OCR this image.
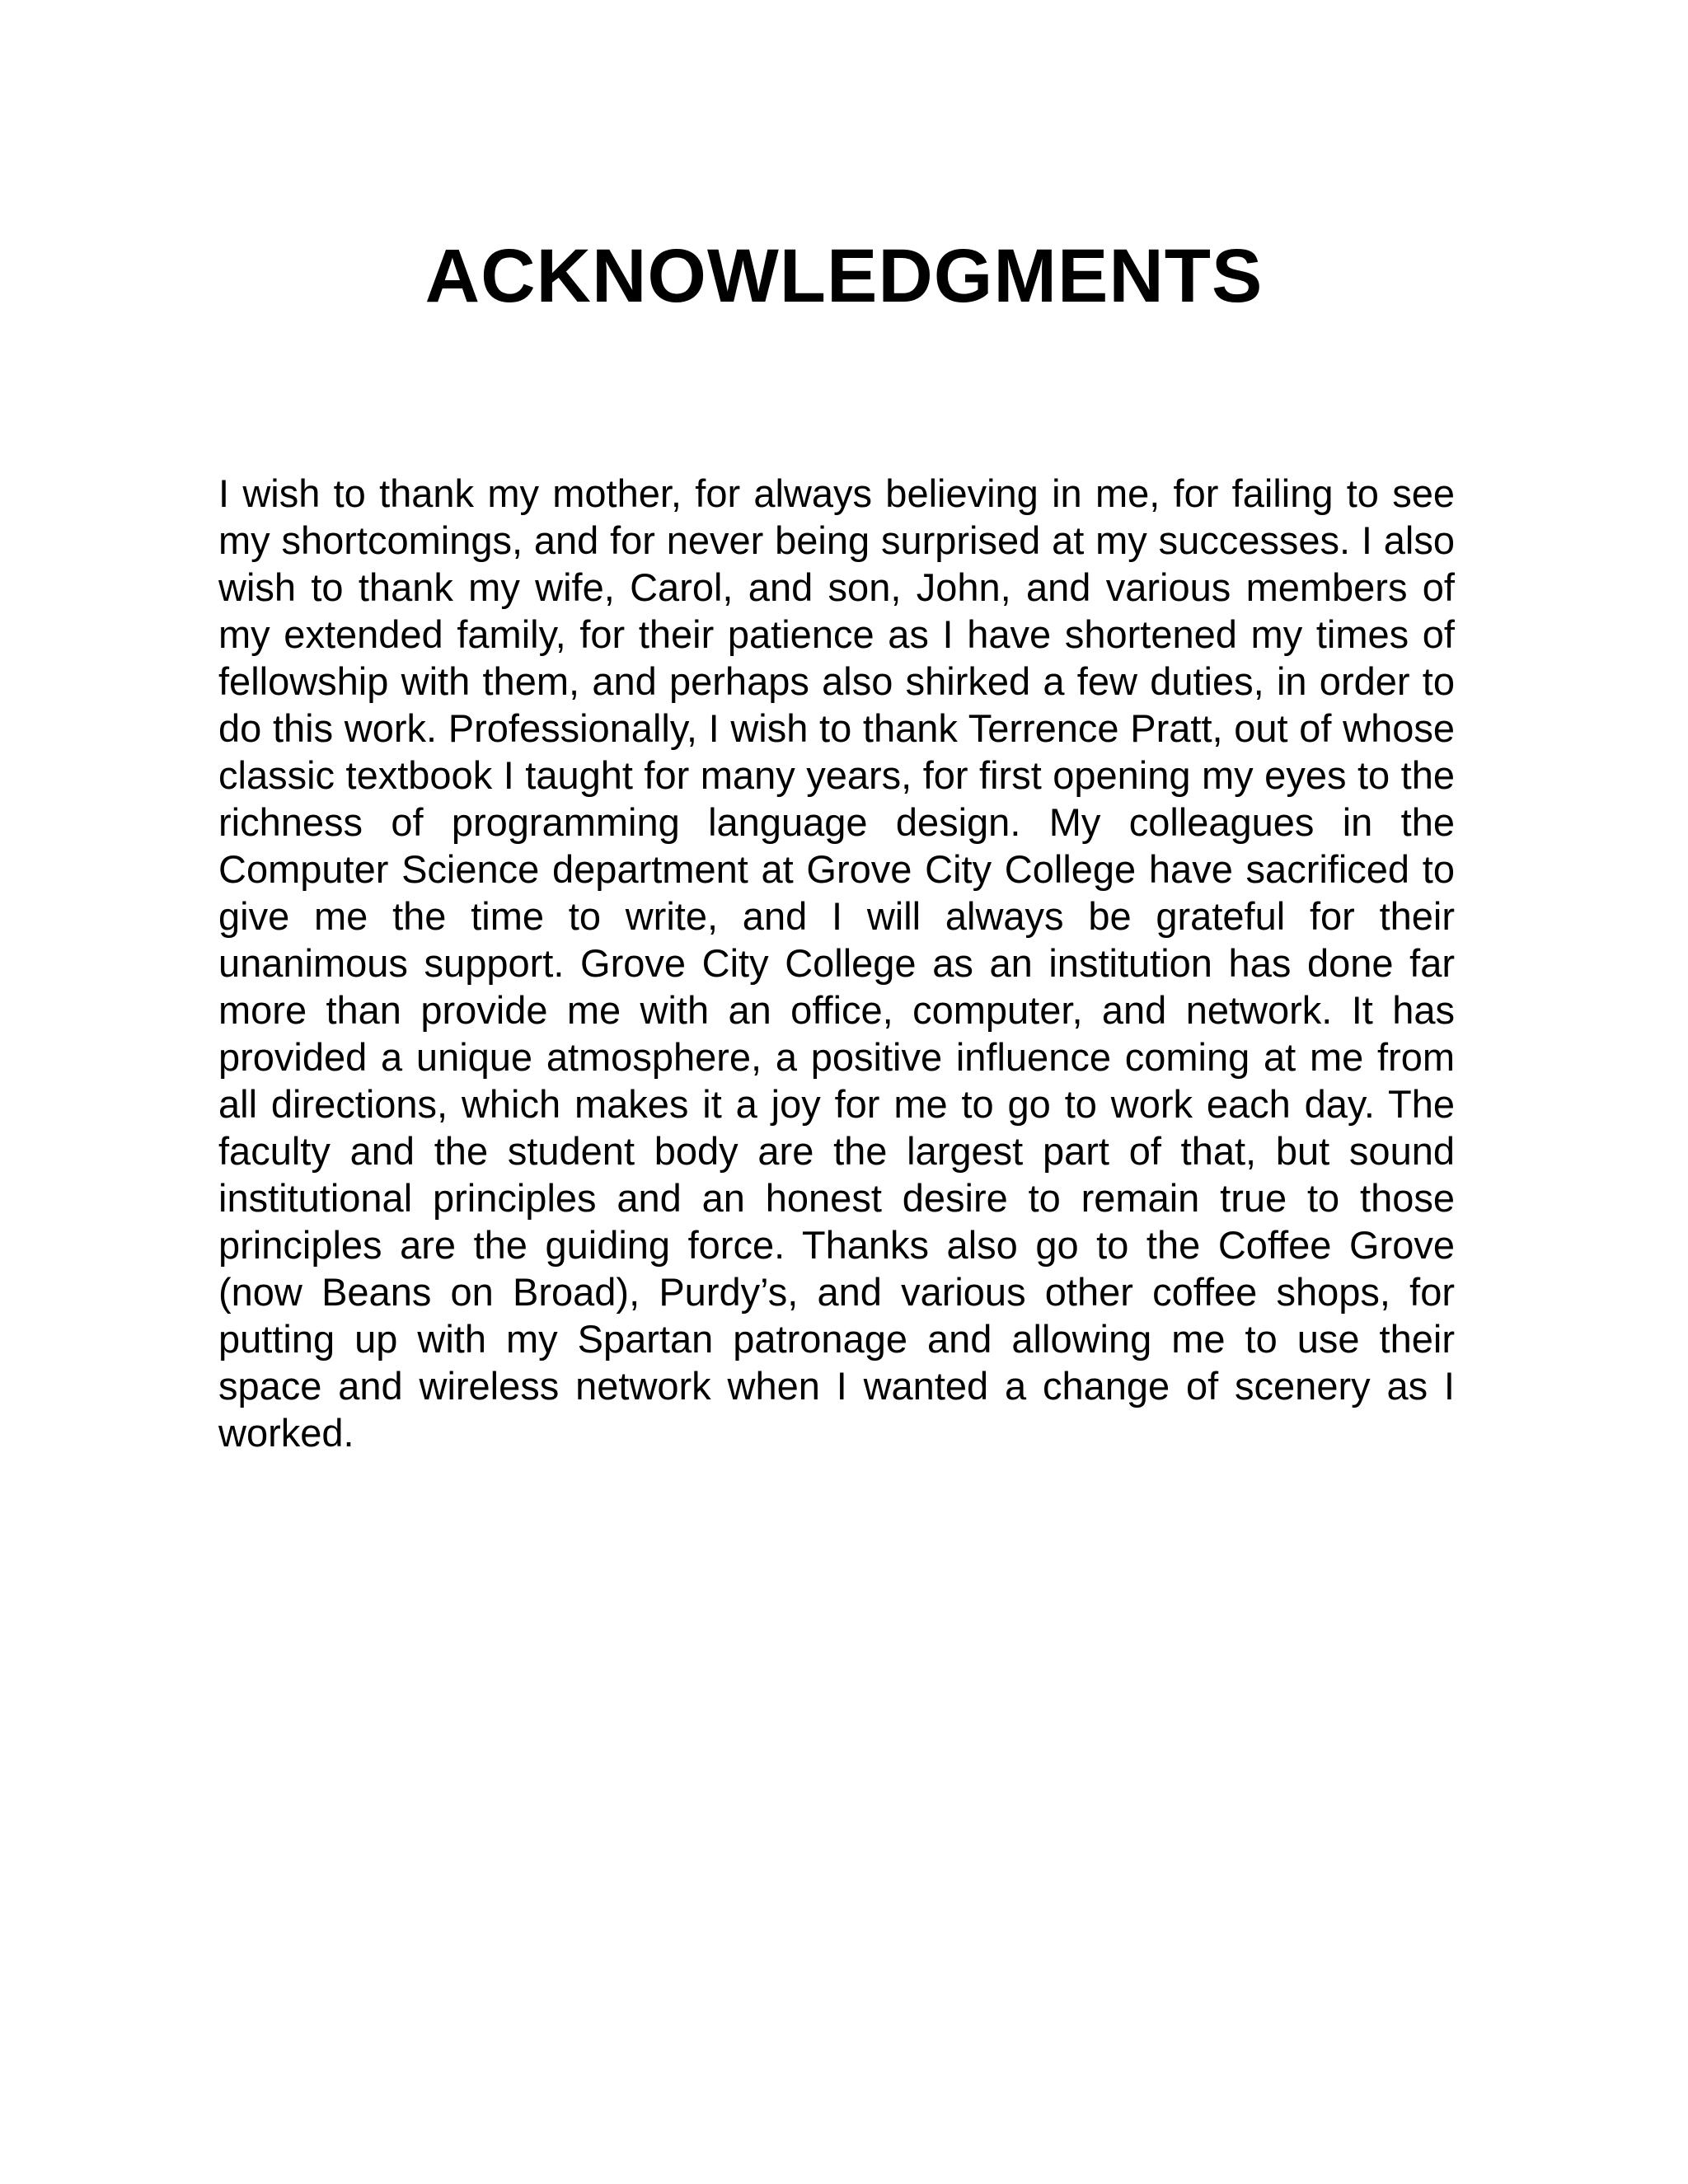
ACKNOWLEDGMENTS

I wish to thank my mother, for always believing in me, for failing to see my shortcomings, and for never being surprised at my successes. I also wish to thank my wife, Carol, and son, John, and various members of my extended family, for their patience as I have shortened my times of fellowship with them, and perhaps also shirked a few duties, in order to do this work. Professionally, I wish to thank Terrence Pratt, out of whose classic textbook I taught for many years, for first opening my eyes to the richness of programming language design. My colleagues in the Computer Science department at Grove City College have sacrificed to give me the time to write, and I will always be grateful for their unanimous support. Grove City College as an institution has done far more than provide me with an office, computer, and network. It has provided a unique atmosphere, a positive influence coming at me from all directions, which makes it a joy for me to go to work each day. The faculty and the student body are the largest part of that, but sound institutional principles and an honest desire to remain true to those principles are the guiding force. Thanks also go to the Coffee Grove (now Beans on Broad), Purdy’s, and various other coffee shops, for putting up with my Spartan patronage and allowing me to use their space and wireless network when I wanted a change of scenery as I worked.
